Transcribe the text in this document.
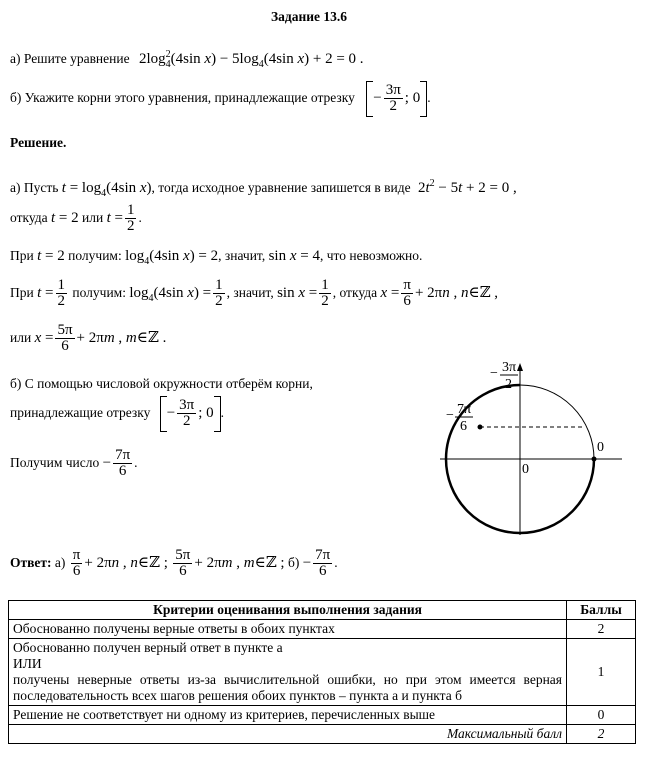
Задание 13.6
а) Решите уравнение $2\log^2_4(4\sin$ $x) - 5\log_4(4\sin$ x) + 2 = 0 .
б) Укажите корни этого уравнения, принадлежащие отрезку − $\frac{3\pi}{2}$ ; 0 .
Решение.
а) Пусть $t = \log_4(4\sin$ x), тогда исходное уравнение запишется в виде $2t^2 - 5t + 2 = 0$ ,
откуда t = 2 или $t = \frac{1}{2}$ .
При t = 2 получим: $\log_4(4\sin$ x) = 2, значит, sin x = 4, что невозможно.
При $t = \frac{1}{2}$ получим: $\log_4(4\sin$ $x) = \frac{1}{2}$ , значит, $\sin x = \frac{1}{2}$ , откуда $x = \frac{\pi}{6} + 2\pi n$ , n∈ℤ ,
или $x = \frac{5\pi}{6} + 2\pi m$ , m∈ℤ .
б) С помощью числовой окружности отберём корни,
принадлежащие отрезку − $\frac{3\pi}{2}$ ; 0 .
Получим число − $\frac{7\pi}{6}$ .
− 3π
2
− 7π
6
0
0
Ответ: $а) \frac{\pi}{6} + 2\pi n$ , n∈ℤ ; $\frac{5\pi}{6} + 2\pi m$ , m∈ℤ ; $б) - \frac{7\pi}{6}$ .
Критерии оценивания выполнения задания	Баллы
Обоснованно получены верные ответы в обоих пунктах	2

Обоснованно получен верный ответ в пункте а
ИЛИ
получены неверные ответы из-за вычислительной ошибки, но при этом имеется верная последовательность всех шагов решения обоих пунктов – пункта а и пункта б	1
Решение не соответствует ни одному из критериев, перечисленных выше	0
Максимальный балл	2
